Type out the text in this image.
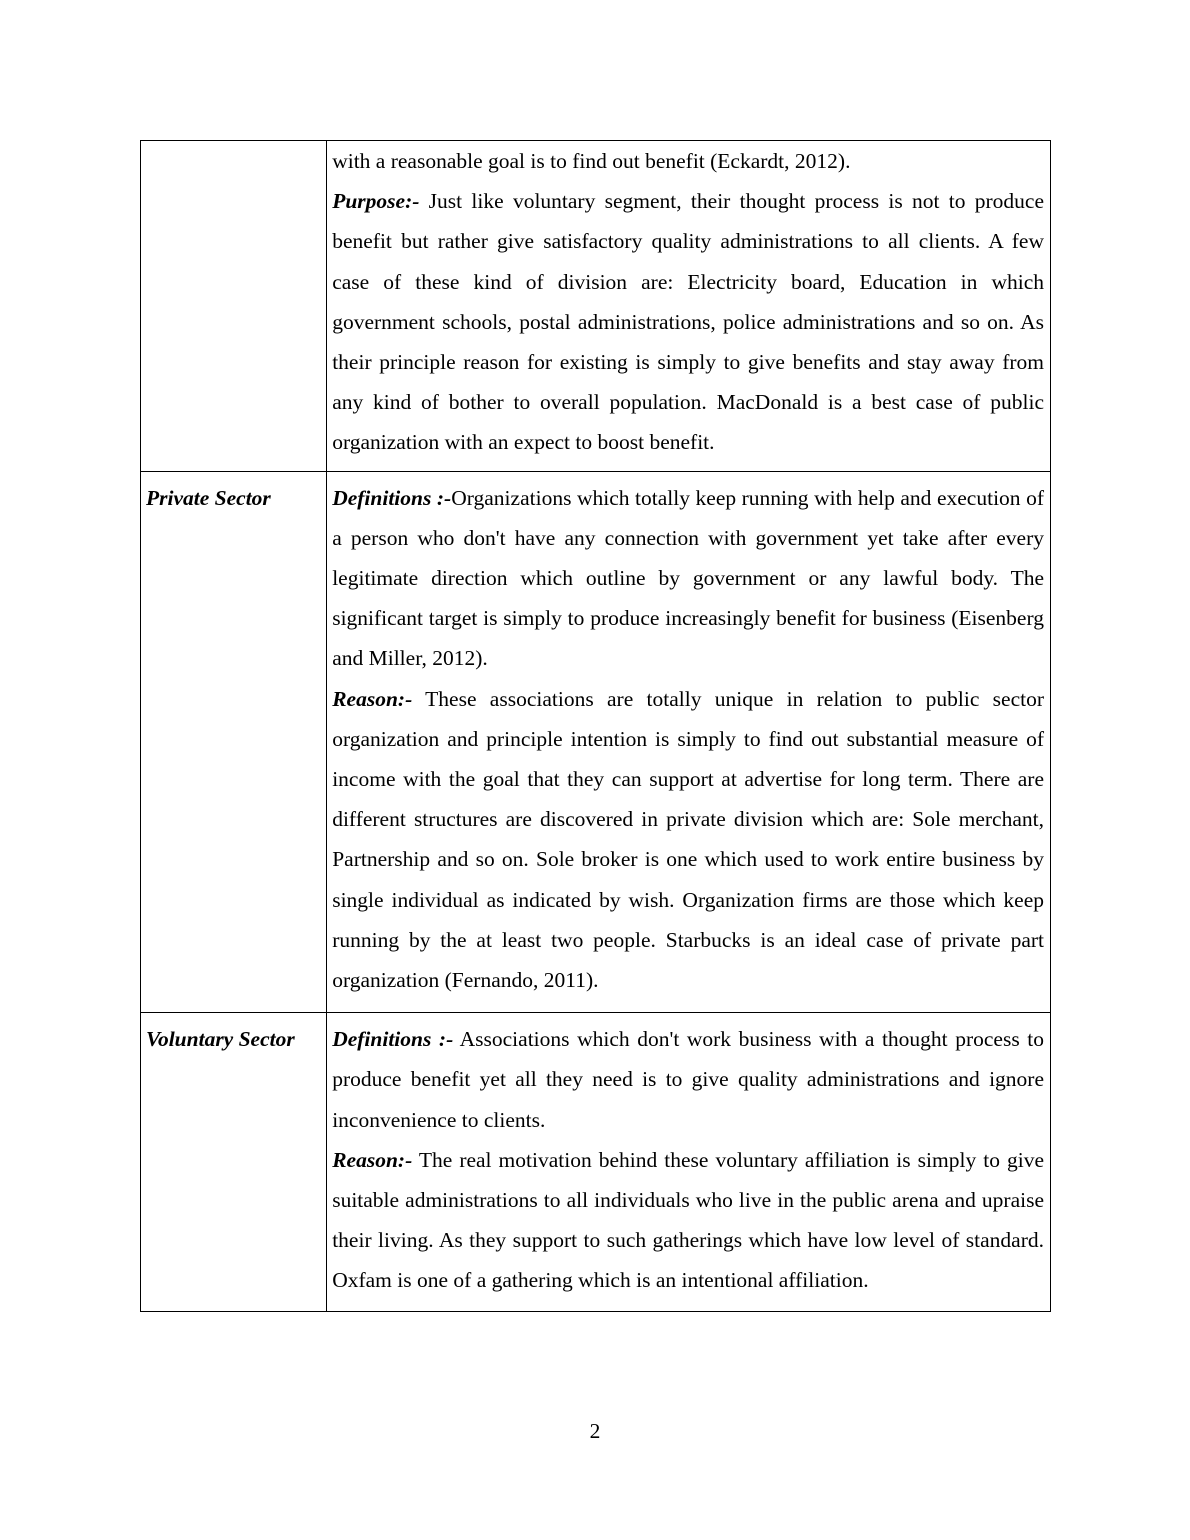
	with a reasonable goal is to find out benefit (Eckardt, 2012).

Purpose:- Just like voluntary segment, their thought process is not to produce benefit but rather give satisfactory quality administrations to all clients. A few case of these kind of division are: Electricity board, Education in which government schools, postal administrations, police administrations and so on. As their principle reason for existing is simply to give benefits and stay away from any kind of bother to overall population. MacDonald is a best case of public organization with an expect to boost benefit.

Private Sector	Definitions :-Organizations which totally keep running with help and execution of a person who don't have any connection with government yet take after every legitimate direction which outline by government or any lawful body. The significant target is simply to produce increasingly benefit for business (Eisenberg and Miller, 2012).

Reason:- These associations are totally unique in relation to public sector organization and principle intention is simply to find out substantial measure of income with the goal that they can support at advertise for long term. There are different structures are discovered in private division which are: Sole merchant, Partnership and so on. Sole broker is one which used to work entire business by single individual as indicated by wish. Organization firms are those which keep running by the at least two people. Starbucks is an ideal case of private part organization (Fernando, 2011).

Voluntary Sector	Definitions :- Associations which don't work business with a thought process to produce benefit yet all they need is to give quality administrations and ignore inconvenience to clients.

Reason:- The real motivation behind these voluntary affiliation is simply to give suitable administrations to all individuals who live in the public arena and upraise their living. As they support to such gatherings which have low level of standard. Oxfam is one of a gathering which is an intentional affiliation.

2
